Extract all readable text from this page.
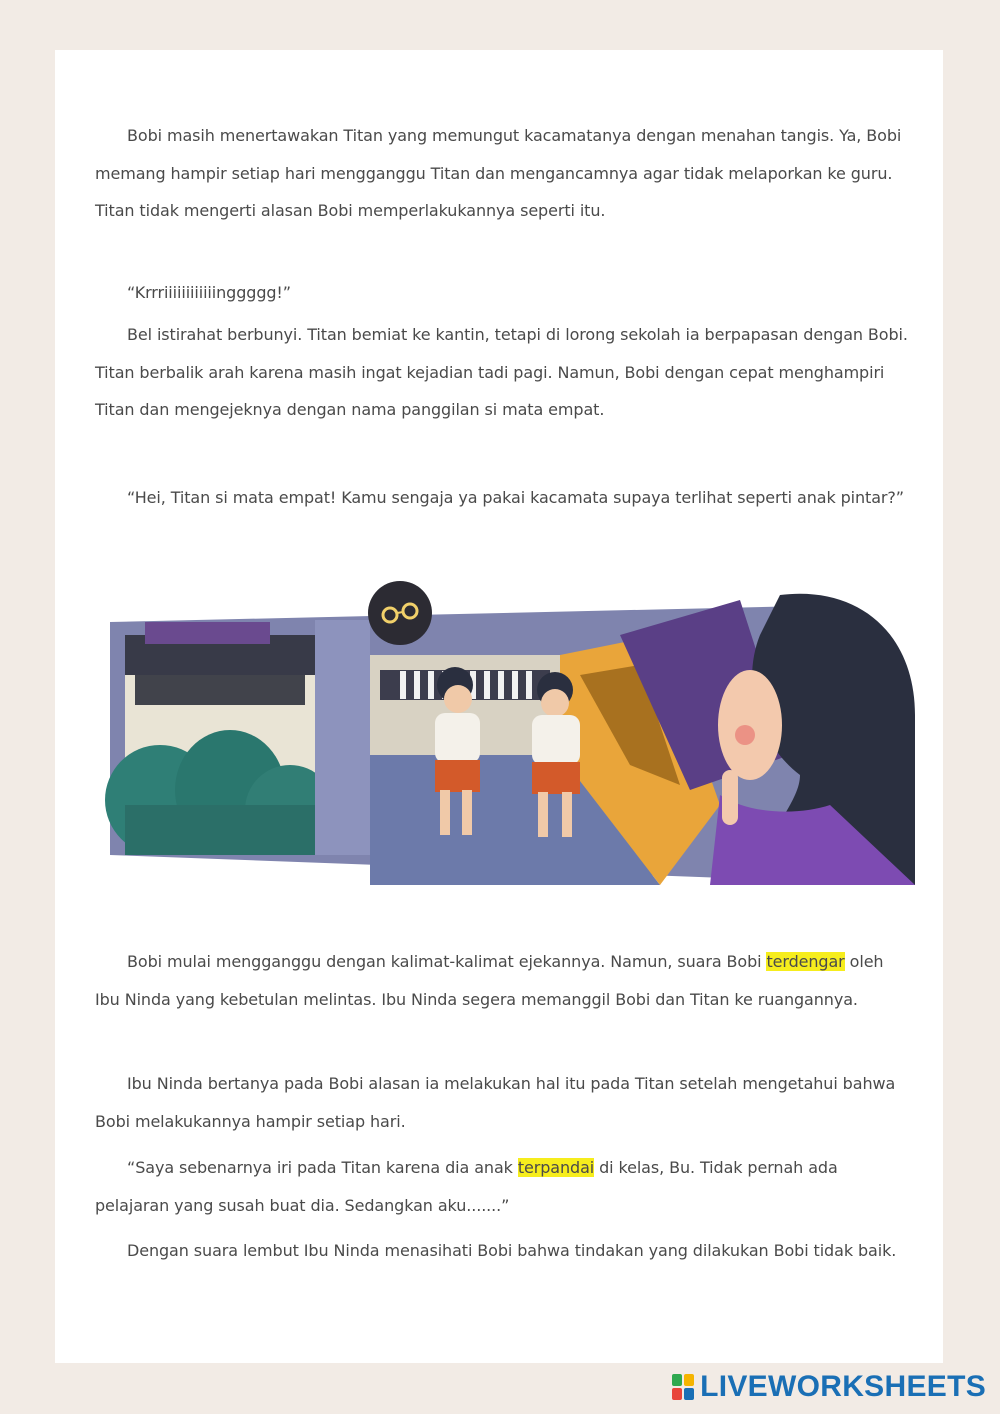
Bobi masih menertawakan Titan yang memungut kacamatanya dengan menahan tangis. Ya, Bobi memang hampir setiap hari mengganggu Titan dan mengancamnya agar tidak melaporkan ke guru. Titan tidak mengerti alasan Bobi memperlakukannya seperti itu.

“Krrriiiiiiiiiiiinggggg!”

Bel istirahat berbunyi. Titan bemiat ke kantin, tetapi di lorong sekolah ia berpapasan dengan Bobi. Titan berbalik arah karena masih ingat kejadian tadi pagi. Namun, Bobi dengan cepat menghampiri Titan dan mengejeknya dengan nama panggilan si mata empat.

“Hei, Titan si mata empat! Kamu sengaja ya pakai kacamata supaya terlihat seperti anak pintar?”

Bobi mulai mengganggu dengan kalimat-kalimat ejekannya. Namun, suara Bobi terdengar oleh Ibu Ninda yang kebetulan melintas. Ibu Ninda segera memanggil Bobi dan Titan ke ruangannya.

Ibu Ninda bertanya pada Bobi alasan ia melakukan hal itu pada Titan setelah mengetahui bahwa Bobi melakukannya hampir setiap hari.

“Saya sebenarnya iri pada Titan karena dia anak terpandai di kelas, Bu. Tidak pernah ada pelajaran yang susah buat dia. Sedangkan aku.......”

Dengan suara lembut Ibu Ninda menasihati Bobi bahwa tindakan yang dilakukan Bobi tidak baik.

LIVEWORKSHEETS
